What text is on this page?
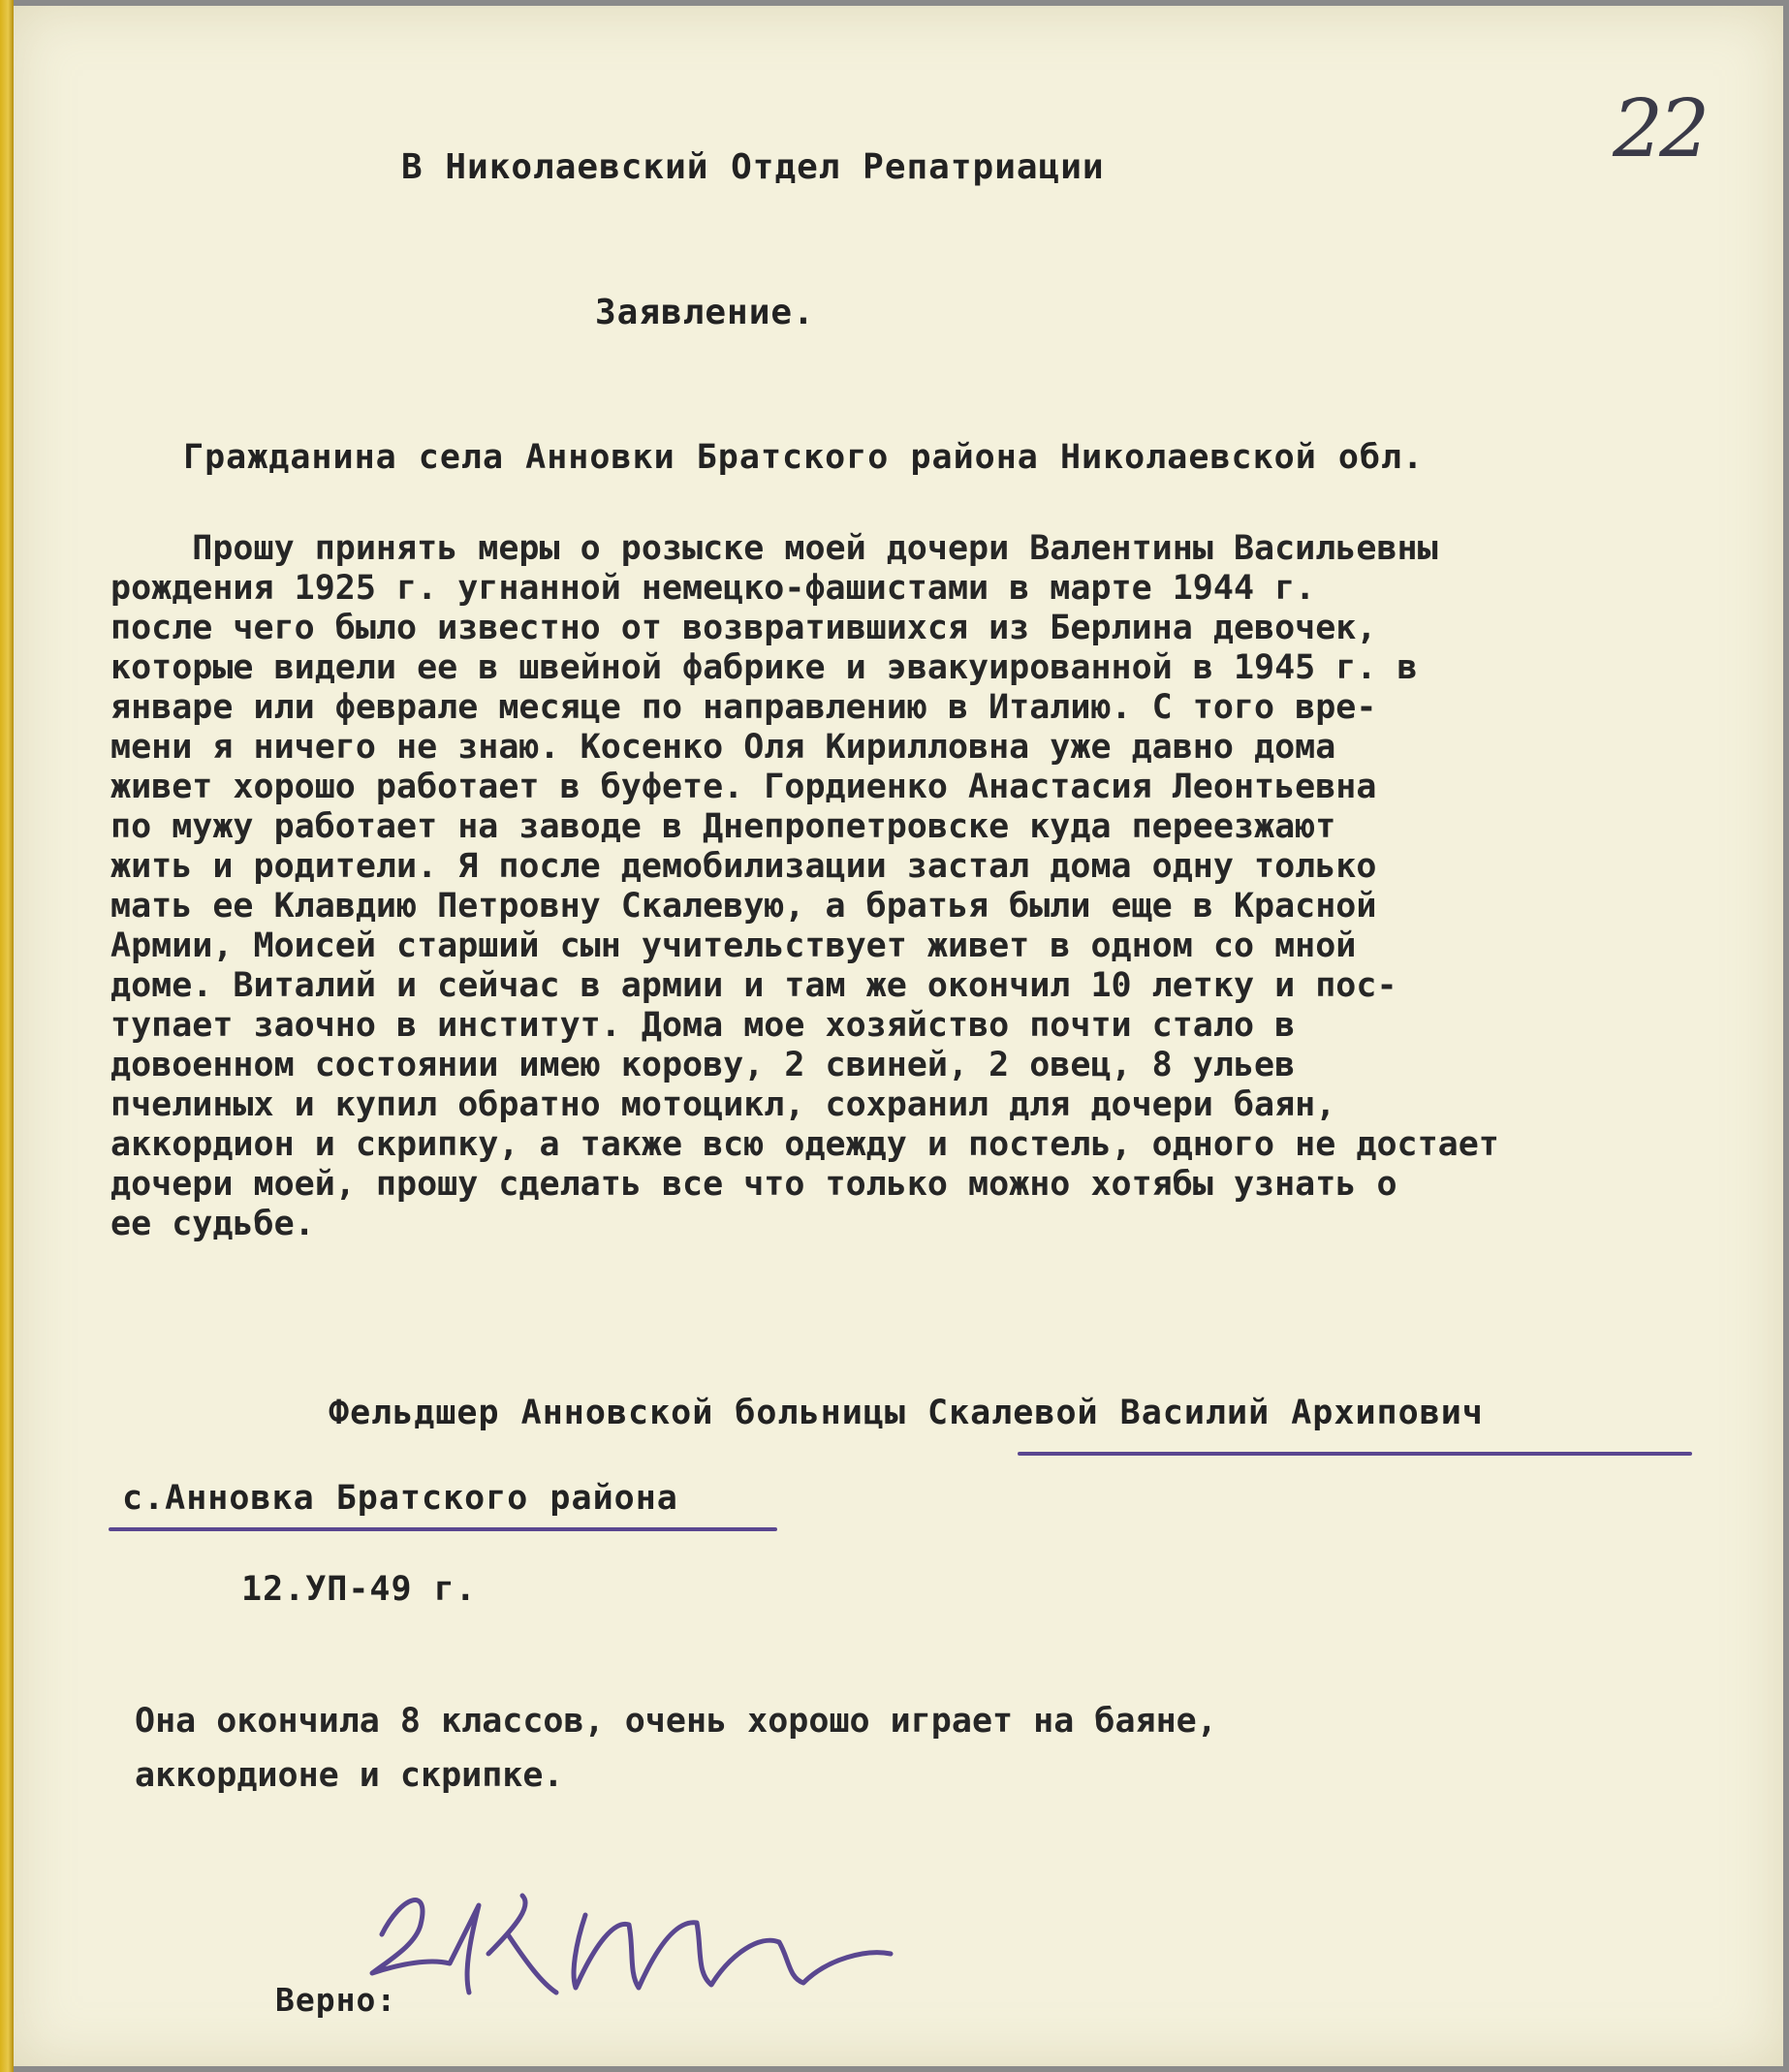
22
В Николаевский Отдел Репатриации
Заявление.
Гражданина села Анновки Братского района Николаевской обл.
Прошу принять меры о розыске моей дочери Валентины Васильевны
рождения 1925 г. угнанной немецко-фашистами в марте 1944 г.
после чего было известно от возвратившихся из Берлина девочек,
которые видели ее в швейной фабрике и эвакуированной в 1945 г. в
январе или феврале месяце по направлению в Италию. С того вре-
мени я ничего не знаю. Косенко Оля Кирилловна уже давно дома
живет хорошо работает в буфете. Гордиенко Анастасия Леонтьевна
по мужу работает на заводе в Днепропетровске куда переезжают
жить и родители. Я после демобилизации застал дома одну только
мать ее Клавдию Петровну Скалевую, а братья были еще в Красной
Армии, Моисей старший сын учительствует живет в одном со мной
доме. Виталий и сейчас в армии и там же окончил 10 летку и пос-
тупает заочно в институт. Дома мое хозяйство почти стало в
довоенном состоянии имею корову, 2 свиней, 2 овец, 8 ульев
пчелиных и купил обратно мотоцикл, сохранил для дочери баян,
аккордион и скрипку, а также всю одежду и постель, одного не достает
дочери моей, прошу сделать все что только можно хотябы узнать о
ее судьбе.
Фельдшер Анновской больницы Скалевой Василий Архипович
с.Анновка Братского района
12.УП-49 г.
Она окончила 8 классов, очень хорошо играет на баяне,
аккордионе и скрипке.
Верно:
